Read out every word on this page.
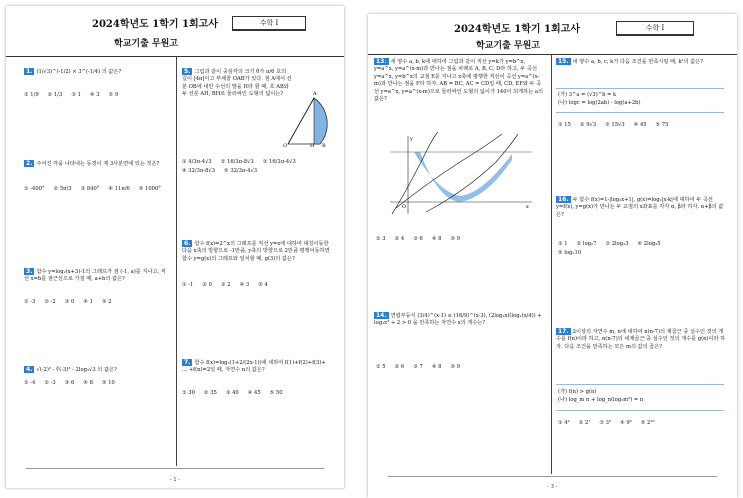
2024학년도 1학기 1회고사
학교기출 무원고
수학 Ⅰ
1. (1/√3)^(-1/2) × 3^(-1/4) 의 값은?
① 1/9 ② 1/3 ③ 1 ④ 3 ⑤ 9
2. 주어진 각을 나타내는 동경이 제 3사분면에 있는 것은?
① -400° ② 5π/3 ③ 840° ④ 11π/6 ⑤ 1000°
3. 함수 y=log₂(x+3)-1의 그래프가 점 (-1, a)를 지나고, 직선 x=b를 점근선으로 가질 때, a+b의 값은?
① -3 ② -2 ③ 0 ④ 1 ⑤ 2
4. √(-2)² - ∛(-3)³ - 2log₃√3 의 값은?
① -4 ② -3 ③ 6 ④ 8 ⑤ 10
5. 그림과 같이 중심각의 크기 θ가 π/6 호의 길이 [4π]이고 부채꼴 OAB가 있다. 점 A에서 선분 OB에 내린 수선의 발을 H라 할 때, 호 AB와 두 선분 AH, BH로 둘러싸인 도형의 넓이는?
O
A
B
H
① 4/3π-4√3 ② 16/3π-8√3 ③ 16/3π-4√3
④ 32/3π-8√3 ⑤ 32/3π-4√3
6. 함수 f(x)=2^x의 그래프를 직선 y=x에 대하여 대칭이동한 다음 x축의 방향으로 -1만큼, y축의 방향으로 2만큼 평행이동하면 함수 y=g(x)의 그래프와 일치할 때, g(3)의 값은?
① -1 ② 0 ③ 2 ④ 3 ⑤ 4
7. 함수 f(x)=log₃(1+2/(2x-1))에 대하여 f(1)+f(2)+f(3)+ … +f(n)=2일 때, 자연수 n의 값은?
① 30 ② 35 ③ 40 ④ 45 ⑤ 50
- 1 -
2024학년도 1학기 1회고사
학교기출 무원고
수학 Ⅰ
13. 세 양수 a, b, k에 대하여 그림과 같이 직선 y=k가 y=b^x, y=a^x, y=a^(x-m)과 만나는 점을 차례로 A, B, C, D라 하고, 두 곡선 y=a^x, y=b^x의 교점 E를 지나고 x축에 평행한 직선이 곡선 y=a^(x-m)과 만나는 점을 F라 하자. AB = BC, AC = CD일 때, CD, EF와 두 곡선 y=a^x, y=a^(x-m)으로 둘러싸인 도형의 넓이가 140이 되게하는 a의 값은?
O	x
y
① 3 ② 4 ③ 6 ④ 8 ⑤ 9
14. 연립부등식 (3/4)^(x-1) ≤ (16/9)^(x-3), (2log₂x)(log₂(x/4)) + log₂x³ + 2 > 0 을 만족하는 자연수 x의 개수는?
① 5 ② 6 ③ 7 ④ 8 ⑤ 9
15. 네 양수 a, b, c, k가 다음 조건을 만족시킬 때, k²의 값은?
(가) 3^a = (√3)^b = k
(나) logc = log(2ab) - log(a+2b)
① 15 ② 9√3 ③ 15√3 ④ 45 ⑤ 75
16. 두 함수 f(x)=1-|log₂x+1|, g(x)=log₂|x-k|에 대하여 두 곡선 y=f(x), y=g(x)가 만나는 두 교점의 x좌표를 각각 α, β라 하자. α+β의 값은?
① 1 ② log₂7 ③ 2log₂3 ④ 2log₂5
⑤ log₂10
17. 2이상의 자연수 m, n에 대하여 n(n-7)의 제곱근 중 실수인 것의 개수를 f(n)이라 하고, n(n-7)의 네제곱근 중 실수인 것의 개수를 g(n)이라 하자. 다음 조건을 만족하는 모든 m의 값의 곱은?
(가) f(n) > g(n)
(나) log_m n + log_n(log₂m²) = n
① 4² ② 2⁷ ③ 3⁵ ④ 9³ ⑤ 2¹⁰
- 3 -
